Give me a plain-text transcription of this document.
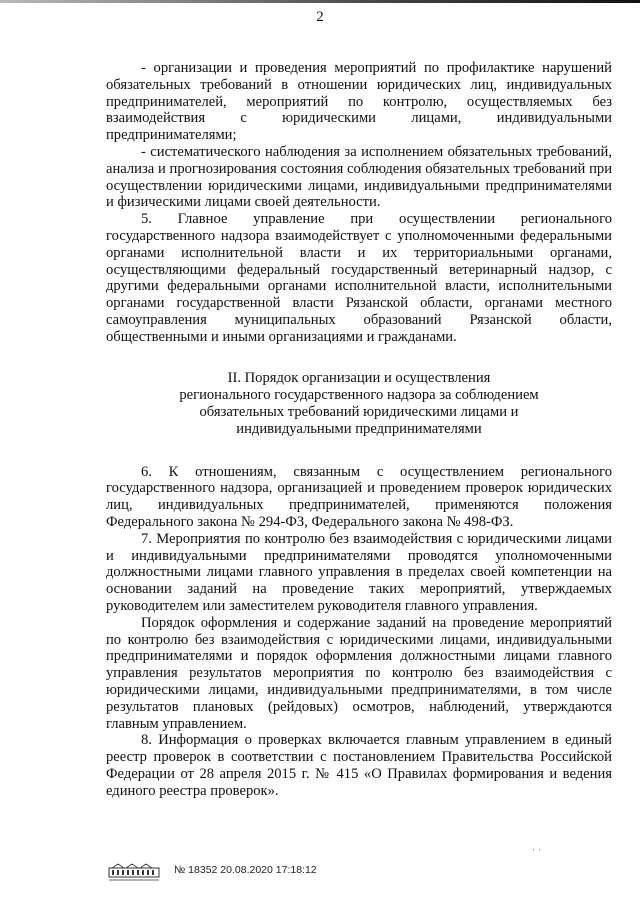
2

- организации и проведения мероприятий по профилактике нарушений обязательных требований в отношении юридических лиц, индивидуальных предпринимателей, мероприятий по контролю, осуществляемых без взаимодействия с юридическими лицами, индивидуальными предпринимателями;

- систематического наблюдения за исполнением обязательных требований, анализа и прогнозирования состояния соблюдения обязательных требований при осуществлении юридическими лицами, индивидуальными предпринимателями и физическими лицами своей деятельности.

5. Главное управление при осуществлении регионального государственного надзора взаимодействует с уполномоченными федеральными органами исполнительной власти и их территориальными органами, осуществляющими федеральный государственный ветеринарный надзор, с другими федеральными органами исполнительной власти, исполнительными органами государственной власти Рязанской области, органами местного самоуправления муниципальных образований Рязанской области, общественными и иными организациями и гражданами.

II. Порядок организации и осуществления
регионального государственного надзора за соблюдением
обязательных требований юридическими лицами и
индивидуальными предпринимателями

6. К отношениям, связанным с осуществлением регионального государственного надзора, организацией и проведением проверок юридических лиц, индивидуальных предпринимателей, применяются положения Федерального закона № 294-ФЗ, Федерального закона № 498-ФЗ.

7. Мероприятия по контролю без взаимодействия с юридическими лицами и индивидуальными предпринимателями проводятся уполномоченными должностными лицами главного управления в пределах своей компетенции на основании заданий на проведение таких мероприятий, утверждаемых руководителем или заместителем руководителя главного управления.

Порядок оформления и содержание заданий на проведение мероприятий по контролю без взаимодействия с юридическими лицами, индивидуальными предпринимателями и порядок оформления должностными лицами главного управления результатов мероприятия по контролю без взаимодействия с юридическими лицами, индивидуальными предпринимателями, в том числе результатов плановых (рейдовых) осмотров, наблюдений, утверждаются главным управлением.

8. Информация о проверках включается главным управлением в единый реестр проверок в соответствии с постановлением Правительства Российской Федерации от 28 апреля 2015 г. № 415 «О Правилах формирования и ведения единого реестра проверок».

№ 18352 20.08.2020 17:18:12
ˈ ˈ
